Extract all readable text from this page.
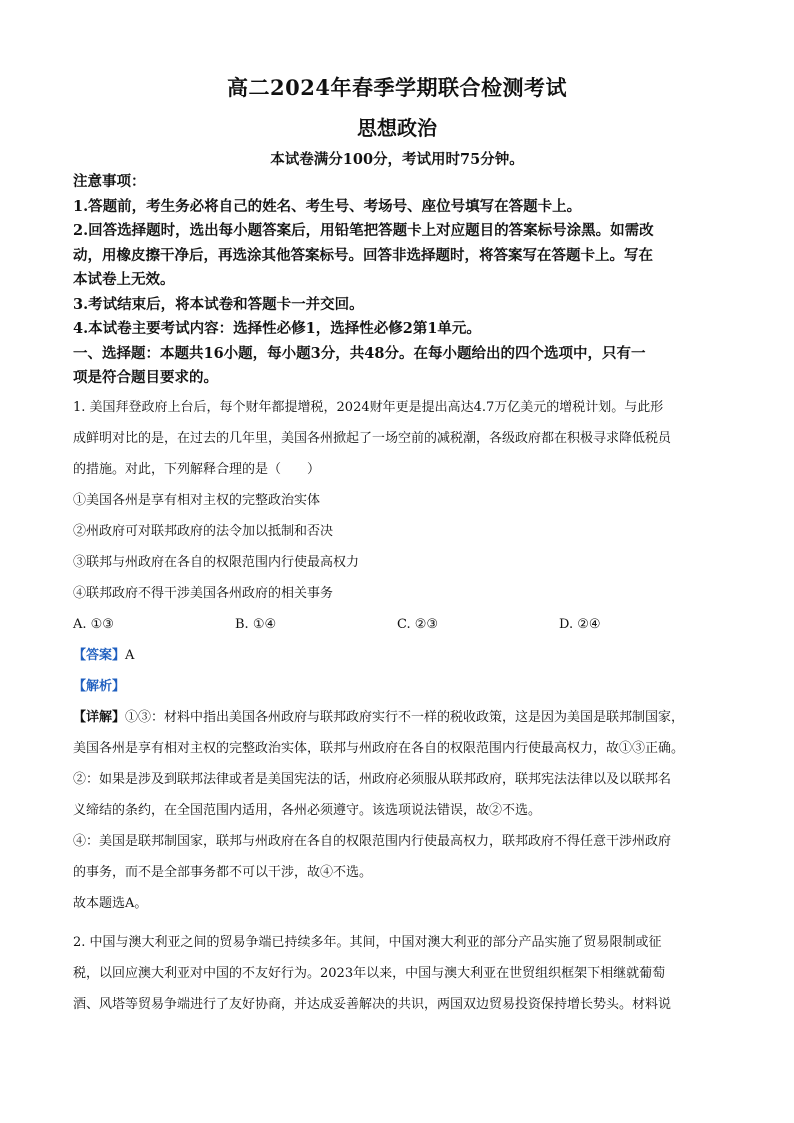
高二2024年春季学期联合检测考试
思想政治
本试卷满分100分，考试用时75分钟。

注意事项：

1.答题前，考生务必将自己的姓名、考生号、考场号、座位号填写在答题卡上。

2.回答选择题时，选出每小题答案后，用铅笔把答题卡上对应题目的答案标号涂黑。如需改

动，用橡皮擦干净后，再选涂其他答案标号。回答非选择题时，将答案写在答题卡上。写在

本试卷上无效。

3.考试结束后，将本试卷和答题卡一并交回。

4.本试卷主要考试内容：选择性必修1，选择性必修2第1单元。

一、选择题：本题共16小题，每小题3分，共48分。在每小题给出的四个选项中，只有一

项是符合题目要求的。

1. 美国拜登政府上台后，每个财年都提增税，2024财年更是提出高达4.7万亿美元的增税计划。与此形

成鲜明对比的是，在过去的几年里，美国各州掀起了一场空前的减税潮，各级政府都在积极寻求降低税员

的措施。对此，下列解释合理的是（　　）

①美国各州是享有相对主权的完整政治实体

②州政府可对联邦政府的法令加以抵制和否决

③联邦与州政府在各自的权限范围内行使最高权力

④联邦政府不得干涉美国各州政府的相关事务

A. ①③	B. ①④	C. ②③	D. ②④

【答案】A

【解析】

【详解】①③：材料中指出美国各州政府与联邦政府实行不一样的税收政策，这是因为美国是联邦制国家，

美国各州是享有相对主权的完整政治实体，联邦与州政府在各自的权限范围内行使最高权力，故①③正确。

②：如果是涉及到联邦法律或者是美国宪法的话，州政府必须服从联邦政府，联邦宪法法律以及以联邦名

义缔结的条约，在全国范围内适用，各州必须遵守。该选项说法错误，故②不选。

④：美国是联邦制国家，联邦与州政府在各自的权限范围内行使最高权力，联邦政府不得任意干涉州政府

的事务，而不是全部事务都不可以干涉，故④不选。

故本题选A。

2. 中国与澳大利亚之间的贸易争端已持续多年。其间，中国对澳大利亚的部分产品实施了贸易限制或征

税，以回应澳大利亚对中国的不友好行为。2023年以来，中国与澳大利亚在世贸组织框架下相继就葡萄

酒、风塔等贸易争端进行了友好协商，并达成妥善解决的共识，两国双边贸易投资保持增长势头。材料说
